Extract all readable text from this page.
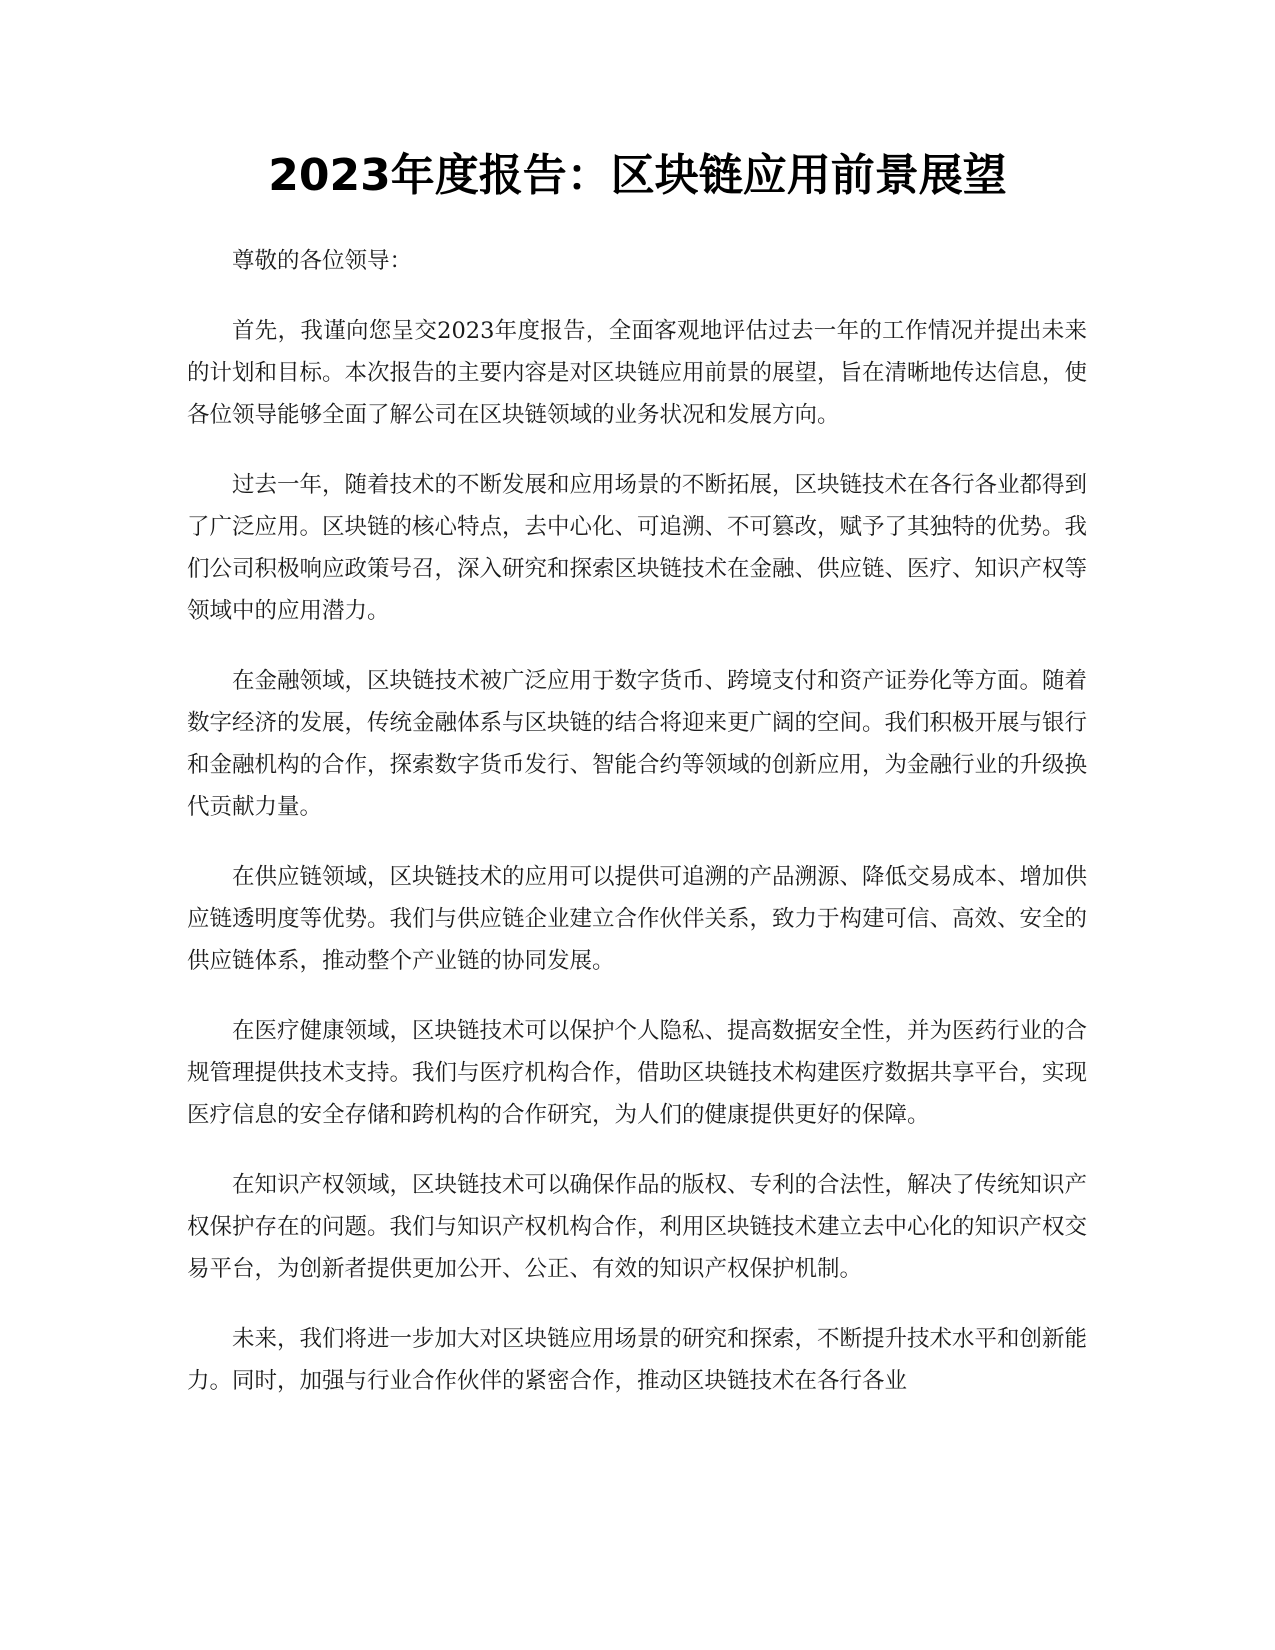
2023年度报告：区块链应用前景展望

尊敬的各位领导：

首先，我谨向您呈交2023年度报告，全面客观地评估过去一年的工作情况并提出未来的计划和目标。本次报告的主要内容是对区块链应用前景的展望，旨在清晰地传达信息，使各位领导能够全面了解公司在区块链领域的业务状况和发展方向。

过去一年，随着技术的不断发展和应用场景的不断拓展，区块链技术在各行各业都得到了广泛应用。区块链的核心特点，去中心化、可追溯、不可篡改，赋予了其独特的优势。我们公司积极响应政策号召，深入研究和探索区块链技术在金融、供应链、医疗、知识产权等领域中的应用潜力。

在金融领域，区块链技术被广泛应用于数字货币、跨境支付和资产证券化等方面。随着数字经济的发展，传统金融体系与区块链的结合将迎来更广阔的空间。我们积极开展与银行和金融机构的合作，探索数字货币发行、智能合约等领域的创新应用，为金融行业的升级换代贡献力量。

在供应链领域，区块链技术的应用可以提供可追溯的产品溯源、降低交易成本、增加供应链透明度等优势。我们与供应链企业建立合作伙伴关系，致力于构建可信、高效、安全的供应链体系，推动整个产业链的协同发展。

在医疗健康领域，区块链技术可以保护个人隐私、提高数据安全性，并为医药行业的合规管理提供技术支持。我们与医疗机构合作，借助区块链技术构建医疗数据共享平台，实现医疗信息的安全存储和跨机构的合作研究，为人们的健康提供更好的保障。

在知识产权领域，区块链技术可以确保作品的版权、专利的合法性，解决了传统知识产权保护存在的问题。我们与知识产权机构合作，利用区块链技术建立去中心化的知识产权交易平台，为创新者提供更加公开、公正、有效的知识产权保护机制。

未来，我们将进一步加大对区块链应用场景的研究和探索，不断提升技术水平和创新能力。同时，加强与行业合作伙伴的紧密合作，推动区块链技术在各行各业
